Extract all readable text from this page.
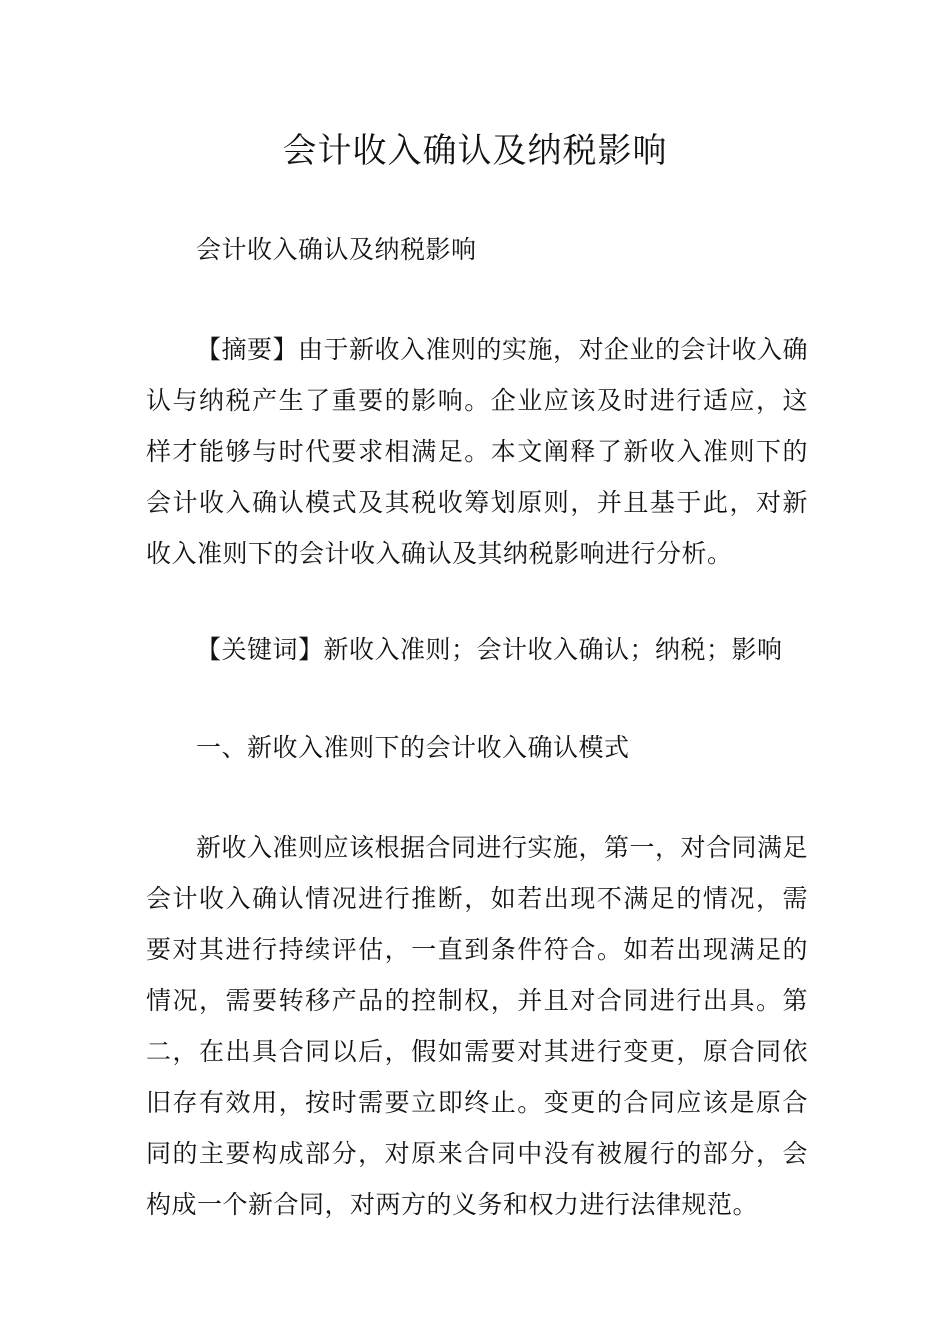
会计收入确认及纳税影响

会计收入确认及纳税影响

【摘要】由于新收入准则的实施，对企业的会计收入确认与纳税产生了重要的影响。企业应该及时进行适应，这样才能够与时代要求相满足。本文阐释了新收入准则下的会计收入确认模式及其税收筹划原则，并且基于此，对新收入准则下的会计收入确认及其纳税影响进行分析。

【关键词】新收入准则；会计收入确认；纳税；影响

一、新收入准则下的会计收入确认模式

新收入准则应该根据合同进行实施，第一，对合同满足会计收入确认情况进行推断，如若出现不满足的情况，需要对其进行持续评估，一直到条件符合。如若出现满足的情况，需要转移产品的控制权，并且对合同进行出具。第二，在出具合同以后，假如需要对其进行变更，原合同依旧存有效用，按时需要立即终止。变更的合同应该是原合同的主要构成部分，对原来合同中没有被履行的部分，会构成一个新合同，对两方的义务和权力进行法律规范。
